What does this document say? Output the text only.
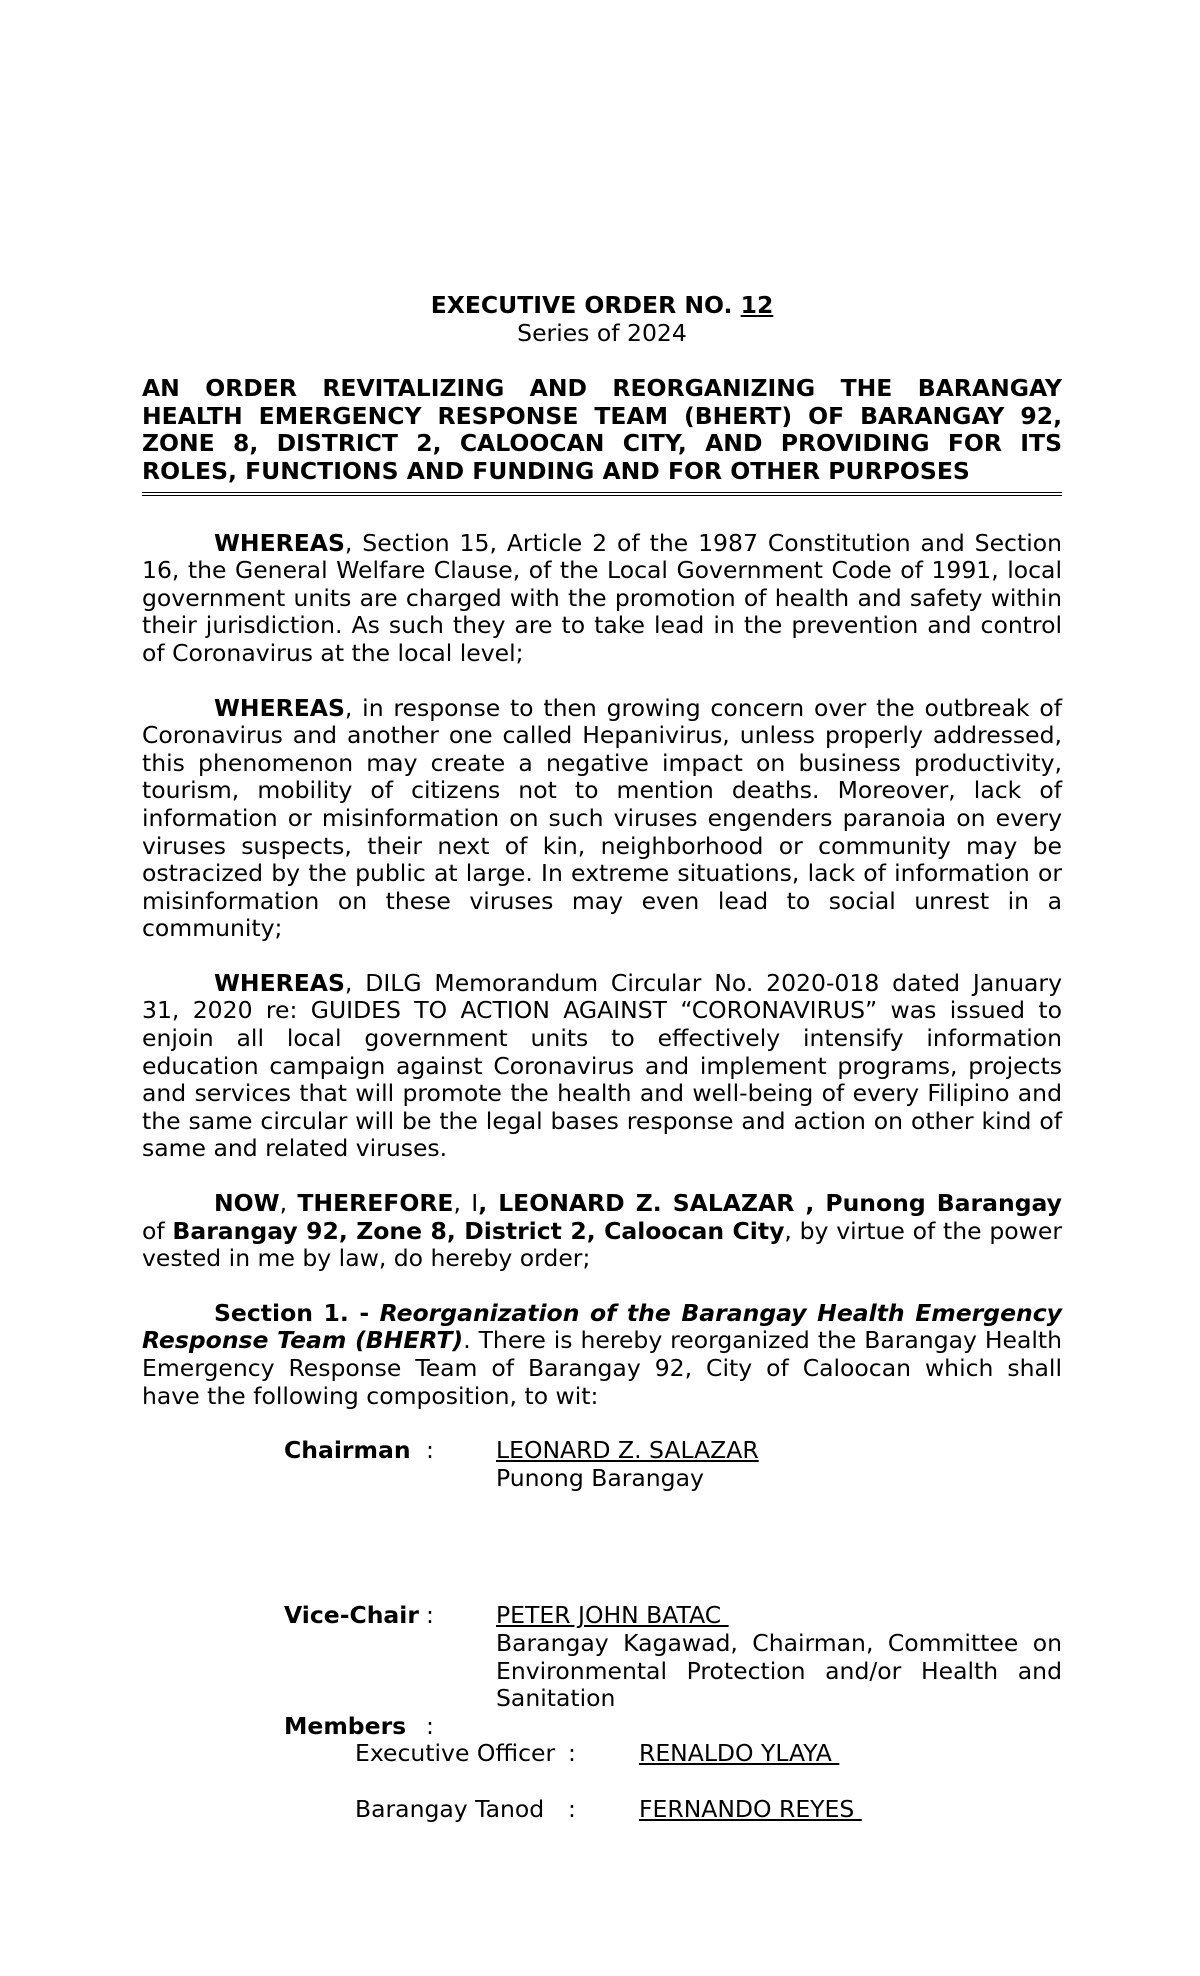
EXECUTIVE ORDER NO. 12
Series of 2024
AN ORDER REVITALIZING AND REORGANIZING THE BARANGAY
HEALTH EMERGENCY RESPONSE TEAM (BHERT) OF BARANGAY 92,
ZONE 8, DISTRICT 2, CALOOCAN CITY, AND PROVIDING FOR ITS
ROLES, FUNCTIONS AND FUNDING AND FOR OTHER PURPOSES
WHEREAS, Section 15, Article 2 of the 1987 Constitution and Section 16, the General Welfare Clause, of the Local Government Code of 1991, local government units are charged with the promotion of health and safety within their jurisdiction. As such they are to take lead in the prevention and control of Coronavirus at the local level;
WHEREAS, in response to then growing concern over the outbreak of Coronavirus and another one called Hepanivirus, unless properly addressed, this phenomenon may create a negative impact on business productivity, tourism, mobility of citizens not to mention deaths. Moreover, lack of information or misinformation on such viruses engenders paranoia on every viruses suspects, their next of kin, neighborhood or community may be ostracized by the public at large. In extreme situations, lack of information or misinformation on these viruses may even lead to social unrest in a community;
WHEREAS, DILG Memorandum Circular No. 2020-018 dated January 31, 2020 re: GUIDES TO ACTION AGAINST “CORONAVIRUS” was issued to enjoin all local government units to effectively intensify information education campaign against Coronavirus and implement programs, projects and services that will promote the health and well-being of every Filipino and the same circular will be the legal bases response and action on other kind of same and related viruses.
NOW, THEREFORE, I, LEONARD Z. SALAZAR , Punong Barangay of Barangay 92, Zone 8, District 2, Caloocan City, by virtue of the power vested in me by law, do hereby order;
Section 1. - Reorganization of the Barangay Health Emergency Response Team (BHERT). There is hereby reorganized the Barangay Health Emergency Response Team of Barangay 92, City of Caloocan which shall have the following composition, to wit:
Chairman :	LEONARD Z. SALAZAR
Punong Barangay
Vice-Chair :	PETER JOHN BATAC
Barangay Kagawad, Chairman, Committee on Environmental Protection and/or Health and Sanitation
Members :
Executive Officer :	RENALDO YLAYA
Barangay Tanod :	FERNANDO REYES
